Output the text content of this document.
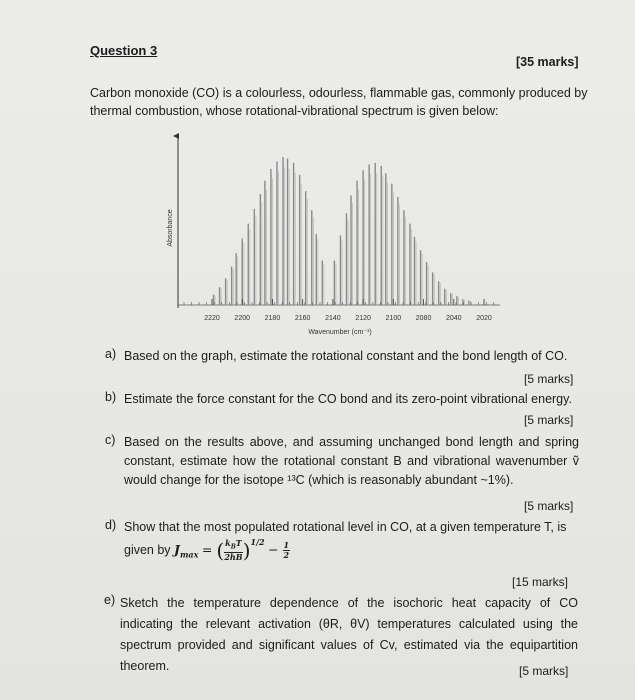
Question 3
[35 marks]
Carbon monoxide (CO) is a colourless, odourless, flammable gas, commonly produced by thermal combustion, whose rotational-vibrational spectrum is given below:
2220 2200 2180 2160 2140 2120 2100 2080 2040 2020
Absorbance
Wavenumber (cm⁻¹)
a) Based on the graph, estimate the rotational constant and the bond length of CO.
[5 marks]
b) Estimate the force constant for the CO bond and its zero-point vibrational energy.
[5 marks]
c) Based on the results above, and assuming unchanged bond length and spring constant, estimate how the rotational constant B and vibrational wavenumber ṽ would change for the isotope ¹³C (which is reasonably abundant ~1%).
[5 marks]
d) Show that the most populated rotational level in CO, at a given temperature T, is
given by $J_{max}$ = ( $\frac{k_BT}{2hB} )^{1/2} - \frac{1}{2}$
[15 marks]
e) Sketch the temperature dependence of the isochoric heat capacity of CO indicating the relevant activation (θR, θV) temperatures calculated using the spectrum provided and significant values of Cv, estimated via the equipartition theorem.	[5 marks]
